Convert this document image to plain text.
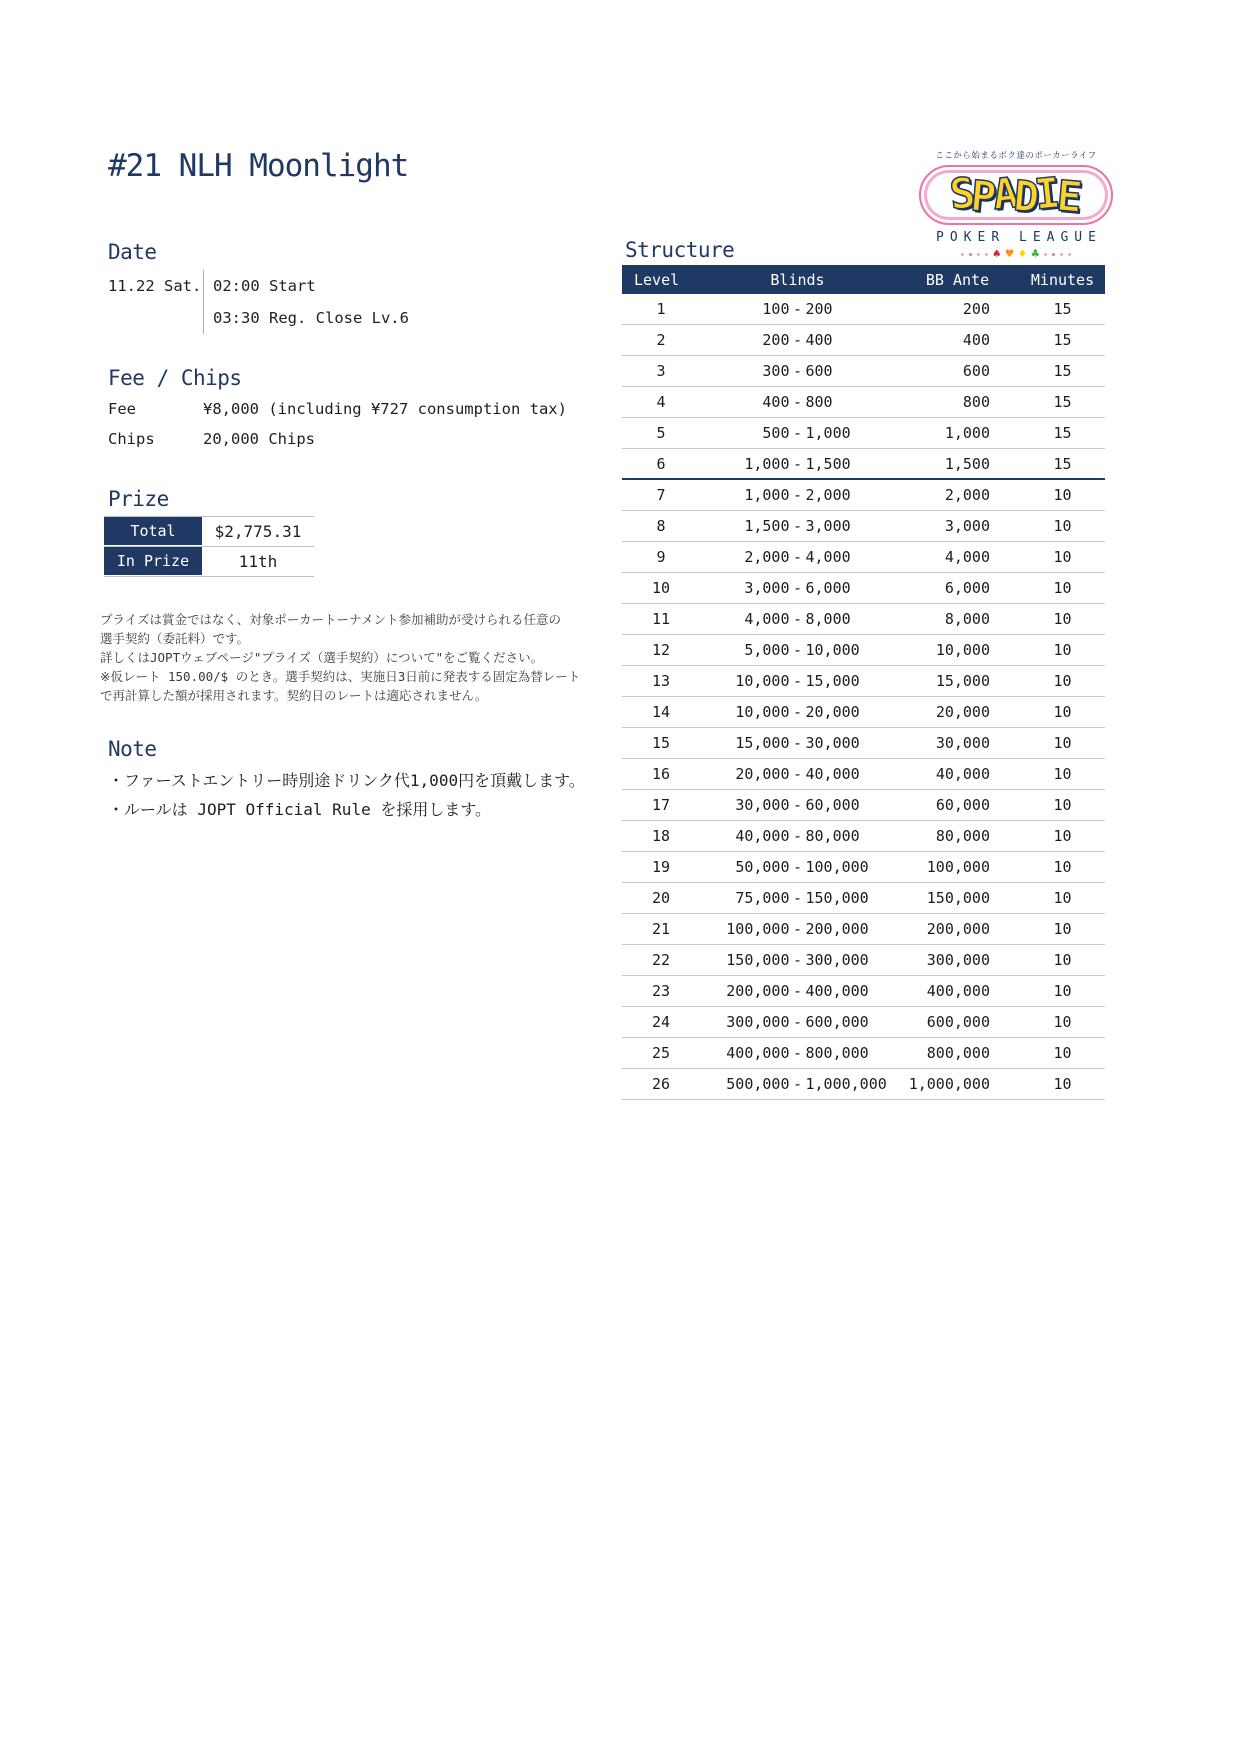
#21 NLH Moonlight	ここから始まるボク達のポーカーライフ
SPADIE
POKER LEAGUE
♠ ♥ ♦ ♣
Date
11.22 Sat. 02:00 Start
03:30 Reg. Close Lv.6
Fee / Chips
Fee	¥8,000 (including ¥727 consumption tax)
Chips	20,000 Chips
Prize
Total	$2,775.31
In Prize	11th
プライズは賞金ではなく、対象ポーカートーナメント参加補助が受けられる任意の
選手契約（委託料）です。
詳しくはJOPTウェブページ"プライズ（選手契約）について"をご覧ください。
※仮レート 150.00/$ のとき。選手契約は、実施日3日前に発表する固定為替レート
で再計算した額が採用されます。契約日のレートは適応されません。
Note
・ファーストエントリー時別途ドリンク代1,000円を頂戴します。
・ルールは JOPT Official Rule を採用します。
Structure
Level	Blinds	BB Ante	Minutes
1	100 - 200	200	15
2	200 - 400	400	15
3	300 - 600	600	15
4	400 - 800	800	15
5	500 - 1,000	1,000	15
6	1,000 - 1,500	1,500	15
7	1,000 - 2,000	2,000	10
8	1,500 - 3,000	3,000	10
9	2,000 - 4,000	4,000	10
10	3,000 - 6,000	6,000	10
11	4,000 - 8,000	8,000	10
12	5,000 - 10,000	10,000	10
13	10,000 - 15,000	15,000	10
14	10,000 - 20,000	20,000	10
15	15,000 - 30,000	30,000	10
16	20,000 - 40,000	40,000	10
17	30,000 - 60,000	60,000	10
18	40,000 - 80,000	80,000	10
19	50,000 - 100,000	100,000	10
20	75,000 - 150,000	150,000	10
21	100,000 - 200,000	200,000	10
22	150,000 - 300,000	300,000	10
23	200,000 - 400,000	400,000	10
24	300,000 - 600,000	600,000	10
25	400,000 - 800,000	800,000	10
26	500,000 - 1,000,000	1,000,000	10
